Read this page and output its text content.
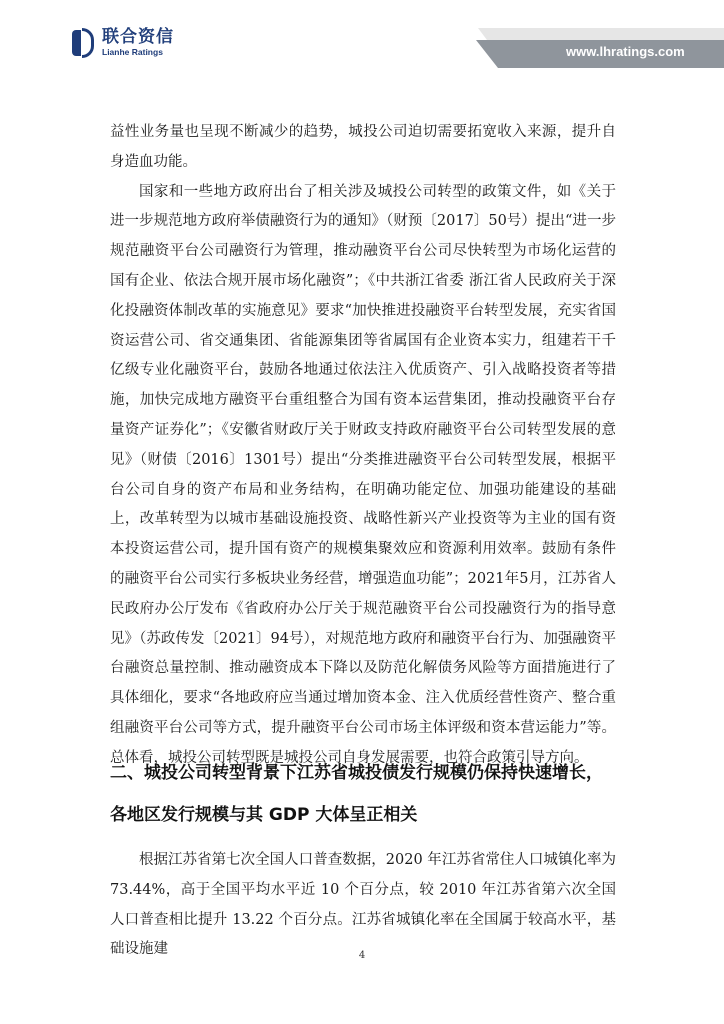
联合资信
Lianhe Ratings	www.lhratings.com

益性业务量也呈现不断减少的趋势，城投公司迫切需要拓宽收入来源，提升自身造血功能。

国家和一些地方政府出台了相关涉及城投公司转型的政策文件，如《关于进一步规范地方政府举债融资行为的通知》（财预〔2017〕50号）提出“进一步规范融资平台公司融资行为管理，推动融资平台公司尽快转型为市场化运营的国有企业、依法合规开展市场化融资”；《中共浙江省委 浙江省人民政府关于深化投融资体制改革的实施意见》要求“加快推进投融资平台转型发展，充实省国资运营公司、省交通集团、省能源集团等省属国有企业资本实力，组建若干千亿级专业化融资平台，鼓励各地通过依法注入优质资产、引入战略投资者等措施，加快完成地方融资平台重组整合为国有资本运营集团，推动投融资平台存量资产证券化”；《安徽省财政厅关于财政支持政府融资平台公司转型发展的意见》（财债〔2016〕1301号）提出“分类推进融资平台公司转型发展，根据平台公司自身的资产布局和业务结构，在明确功能定位、加强功能建设的基础上，改革转型为以城市基础设施投资、战略性新兴产业投资等为主业的国有资本投资运营公司，提升国有资产的规模集聚效应和资源利用效率。鼓励有条件的融资平台公司实行多板块业务经营，增强造血功能”；2021年5月，江苏省人民政府办公厅发布《省政府办公厅关于规范融资平台公司投融资行为的指导意见》（苏政传发〔2021〕94号），对规范地方政府和融资平台行为、加强融资平台融资总量控制、推动融资成本下降以及防范化解债务风险等方面措施进行了具体细化，要求“各地政府应当通过增加资本金、注入优质经营性资产、整合重组融资平台公司等方式，提升融资平台公司市场主体评级和资本营运能力”等。总体看，城投公司转型既是城投公司自身发展需要，也符合政策引导方向。

二、城投公司转型背景下江苏省城投债发行规模仍保持快速增长，
各地区发行规模与其 GDP 大体呈正相关

根据江苏省第七次全国人口普查数据，2020 年江苏省常住人口城镇化率为 73.44%，高于全国平均水平近 10 个百分点，较 2010 年江苏省第六次全国人口普查相比提升 13.22 个百分点。江苏省城镇化率在全国属于较高水平，基础设施建	4
